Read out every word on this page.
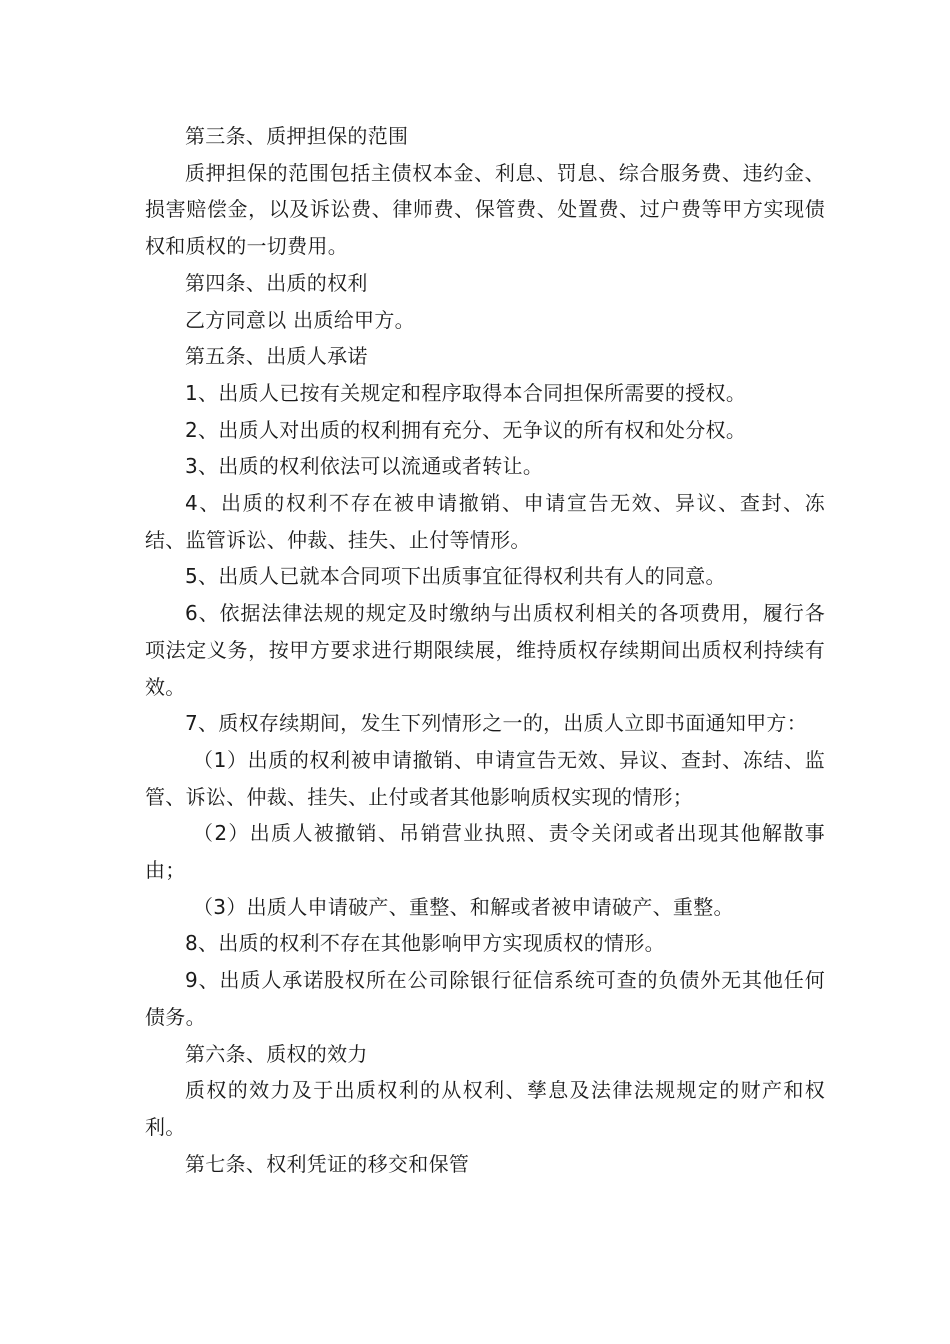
第三条、质押担保的范围

质押担保的范围包括主债权本金、利息、罚息、综合服务费、违约金、损害赔偿金，以及诉讼费、律师费、保管费、处置费、过户费等甲方实现债权和质权的一切费用。

第四条、出质的权利

乙方同意以 出质给甲方。

第五条、出质人承诺

1、出质人已按有关规定和程序取得本合同担保所需要的授权。

2、出质人对出质的权利拥有充分、无争议的所有权和处分权。

3、出质的权利依法可以流通或者转让。

4、出质的权利不存在被申请撤销、申请宣告无效、异议、查封、冻结、监管诉讼、仲裁、挂失、止付等情形。

5、出质人已就本合同项下出质事宜征得权利共有人的同意。

6、依据法律法规的规定及时缴纳与出质权利相关的各项费用，履行各项法定义务，按甲方要求进行期限续展，维持质权存续期间出质权利持续有效。

7、质权存续期间，发生下列情形之一的，出质人立即书面通知甲方：

（1）出质的权利被申请撤销、申请宣告无效、异议、查封、冻结、监管、诉讼、仲裁、挂失、止付或者其他影响质权实现的情形；

（2）出质人被撤销、吊销营业执照、责令关闭或者出现其他解散事由；

（3）出质人申请破产、重整、和解或者被申请破产、重整。

8、出质的权利不存在其他影响甲方实现质权的情形。

9、出质人承诺股权所在公司除银行征信系统可查的负债外无其他任何债务。

第六条、质权的效力

质权的效力及于出质权利的从权利、孳息及法律法规规定的财产和权利。

第七条、权利凭证的移交和保管
